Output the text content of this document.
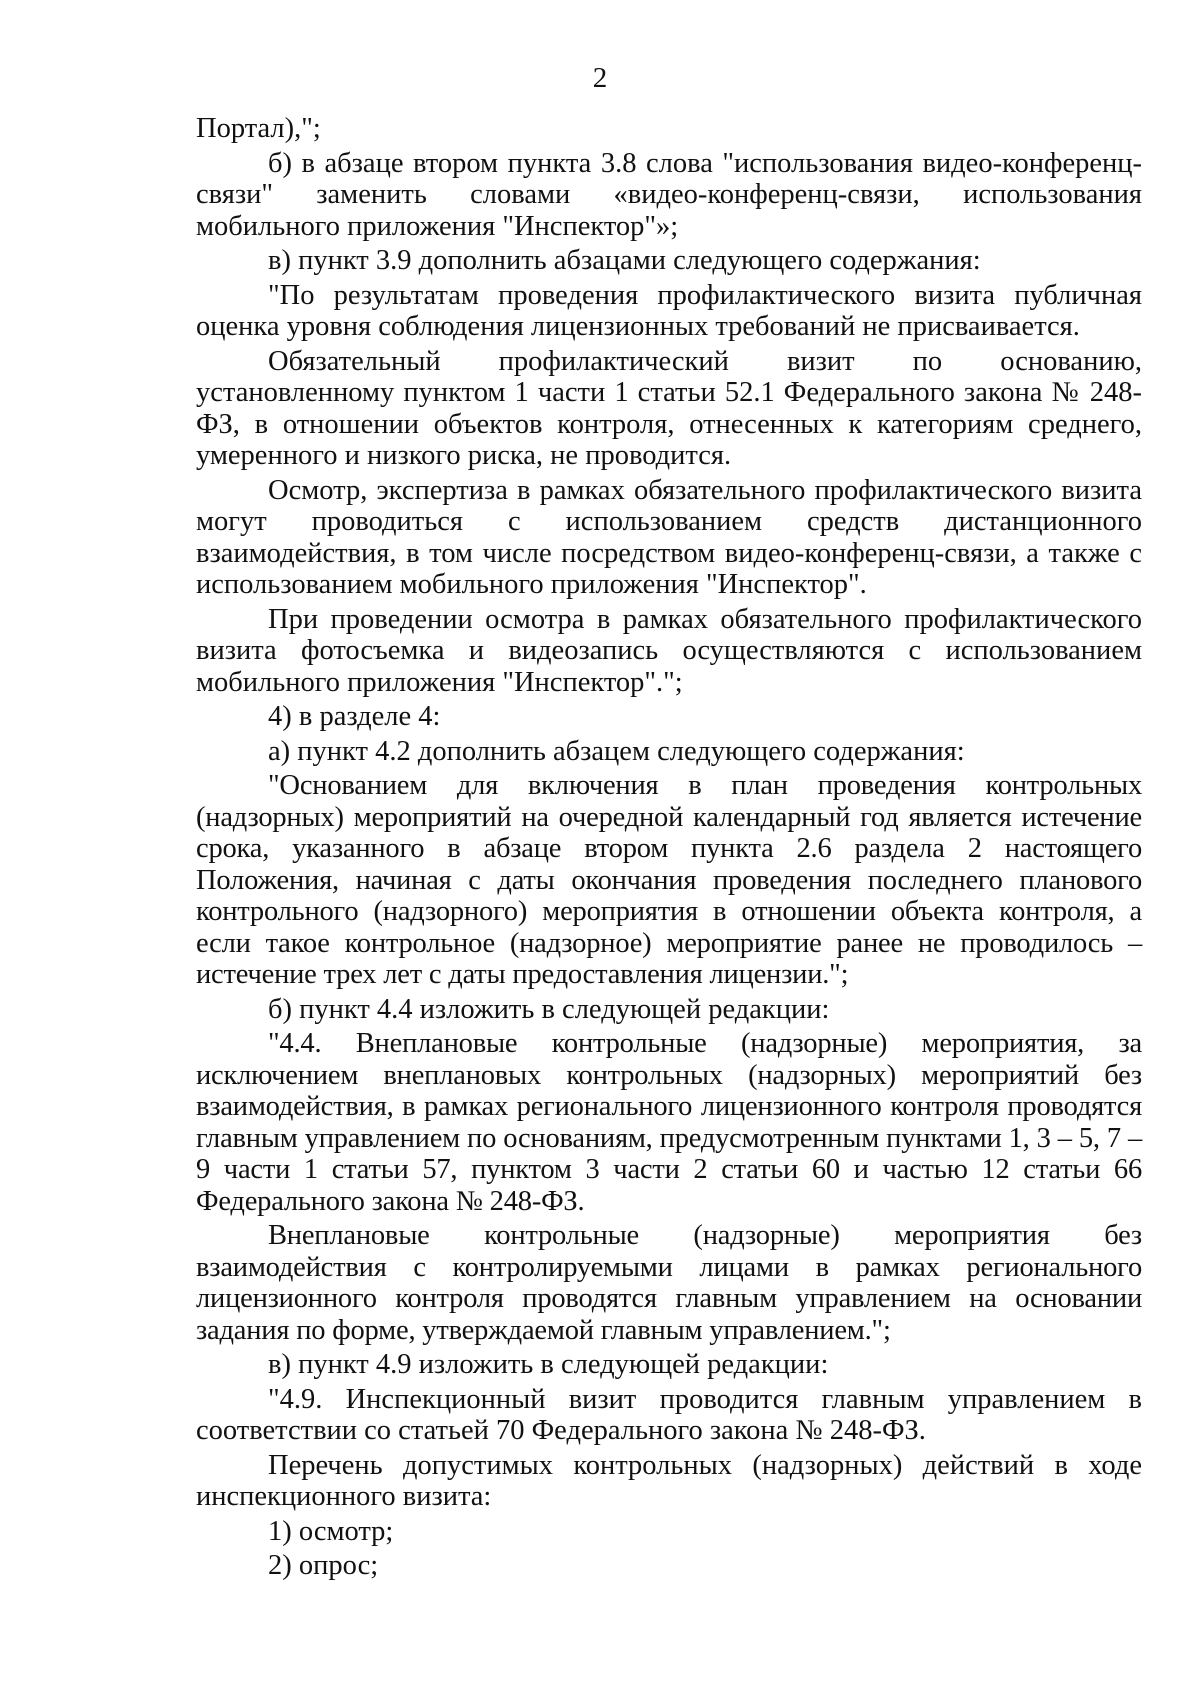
2

Портал),";

б) в абзаце втором пункта 3.8 слова "использования видео-конференц-связи" заменить словами «видео-конференц-связи, использования мобильного приложения "Инспектор"»;

в) пункт 3.9 дополнить абзацами следующего содержания:

"По результатам проведения профилактического визита публичная оценка уровня соблюдения лицензионных требований не присваивается.

Обязательный профилактический визит по основанию, установленному пунктом 1 части 1 статьи 52.1 Федерального закона № 248-ФЗ, в отношении объектов контроля, отнесенных к категориям среднего, умеренного и низкого риска, не проводится.

Осмотр, экспертиза в рамках обязательного профилактического визита могут проводиться с использованием средств дистанционного взаимодействия, в том числе посредством видео-конференц-связи, а также с использованием мобильного приложения "Инспектор".

При проведении осмотра в рамках обязательного профилактического визита фотосъемка и видеозапись осуществляются с использованием мобильного приложения "Инспектор".";

4) в разделе 4:

а) пункт 4.2 дополнить абзацем следующего содержания:

"Основанием для включения в план проведения контрольных (надзорных) мероприятий на очередной календарный год является истечение срока, указанного в абзаце втором пункта 2.6 раздела 2 настоящего Положения, начиная с даты окончания проведения последнего планового контрольного (надзорного) мероприятия в отношении объекта контроля, а если такое контрольное (надзорное) мероприятие ранее не проводилось – истечение трех лет с даты предоставления лицензии.";

б) пункт 4.4 изложить в следующей редакции:

"4.4. Внеплановые контрольные (надзорные) мероприятия, за исключением внеплановых контрольных (надзорных) мероприятий без взаимодействия, в рамках регионального лицензионного контроля проводятся главным управлением по основаниям, предусмотренным пунктами 1, 3 – 5, 7 – 9 части 1 статьи 57, пунктом 3 части 2 статьи 60 и частью 12 статьи 66 Федерального закона № 248-ФЗ.

Внеплановые контрольные (надзорные) мероприятия без взаимодействия с контролируемыми лицами в рамках регионального лицензионного контроля проводятся главным управлением на основании задания по форме, утверждаемой главным управлением.";

в) пункт 4.9 изложить в следующей редакции:

"4.9. Инспекционный визит проводится главным управлением в соответствии со статьей 70 Федерального закона № 248-ФЗ.

Перечень допустимых контрольных (надзорных) действий в ходе инспекционного визита:

1) осмотр;

2) опрос;
